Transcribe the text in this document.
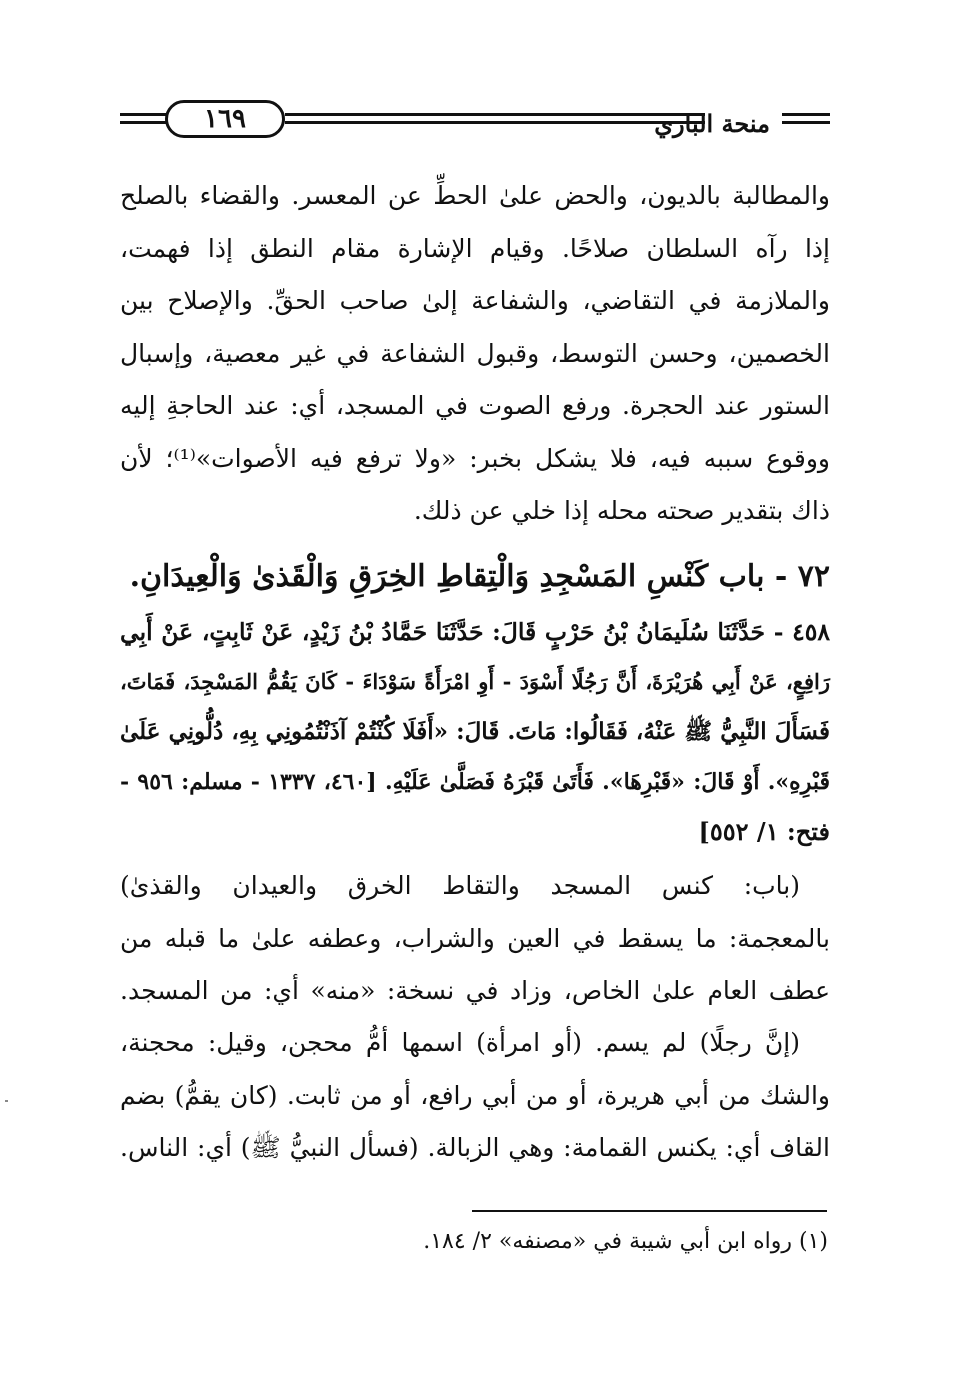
١٦٩	منحة الباري
والمطالبة بالديون، والحض علىٰ الحطِّ عن المعسر. والقضاء بالصلح
إذا رآه السلطان صلاحًا. وقيام الإشارة مقام النطق إذا فهمت،
والملازمة في التقاضي، والشفاعة إلىٰ صاحب الحقِّ. والإصلاح بين
الخصمين، وحسن التوسط، وقبول الشفاعة في غير معصية، وإسبال
الستور عند الحجرة. ورفع الصوت في المسجد، أي: عند الحاجةِ إليه
ووقوع سببه فيه، فلا يشكل بخبر: «ولا ترفع فيه الأصوات»⁽¹⁾؛ لأن
ذاك بتقدير صحته محله إذا خلي عن ذلك.
٧٢ - باب كَنْسِ المَسْجِدِ وَالْتِقاطِ الخِرَقِ وَالْقَذىٰ وَالْعِيدَانِ.
٤٥٨ - حَدَّثَنَا سُلَيمَانُ بْنُ حَرْبٍ قَالَ: حَدَّثَنَا حَمَّادُ بْنُ زَيْدٍ، عَنْ ثَابِتٍ، عَنْ أَبِي
رَافِعٍ، عَنْ أَبِي هُرَيْرَةَ، أَنَّ رَجُلًا أَسْوَدَ - أَوِ امْرَأَةً سَوْدَاءَ - كَانَ يَقُمُّ المَسْجِدَ، فَمَاتَ،
فَسَأَلَ النَّبِيُّ ﷺ عَنْهُ، فَقَالُوا: مَاتَ. قَالَ: «أَفَلَا كُنْتُمْ آذَنْتُمُونِي بِهِ، دُلُّونِي عَلَىٰ
قَبْرِهِ». أَوْ قَالَ: «قَبْرِهَا». فَأَتَىٰ قَبْرَهُ فَصَلَّىٰ عَلَيْهِ. [٤٦٠، ١٣٣٧ - مسلم: ٩٥٦ -
فتح: ١/ ٥٥٢]
(باب: كنس المسجد والتقاط الخرق والعيدان والقذىٰ)
بالمعجمة: ما يسقط في العين والشراب، وعطفه علىٰ ما قبله من
عطف العام علىٰ الخاص، وزاد في نسخة: «منه» أي: من المسجد.
(إنَّ رجلًا) لم يسم. (أو امرأة) اسمها أمُّ محجن، وقيل: محجنة،
والشك من أبي هريرة، أو من أبي رافع، أو من ثابت. (كان يقمُّ) بضم
القاف أي: يكنس القمامة: وهي الزبالة. (فسأل النبيُّ ﷺ) أي: الناس.
(١) رواه ابن أبي شيبة في «مصنفه» ٢/ ١٨٤.
